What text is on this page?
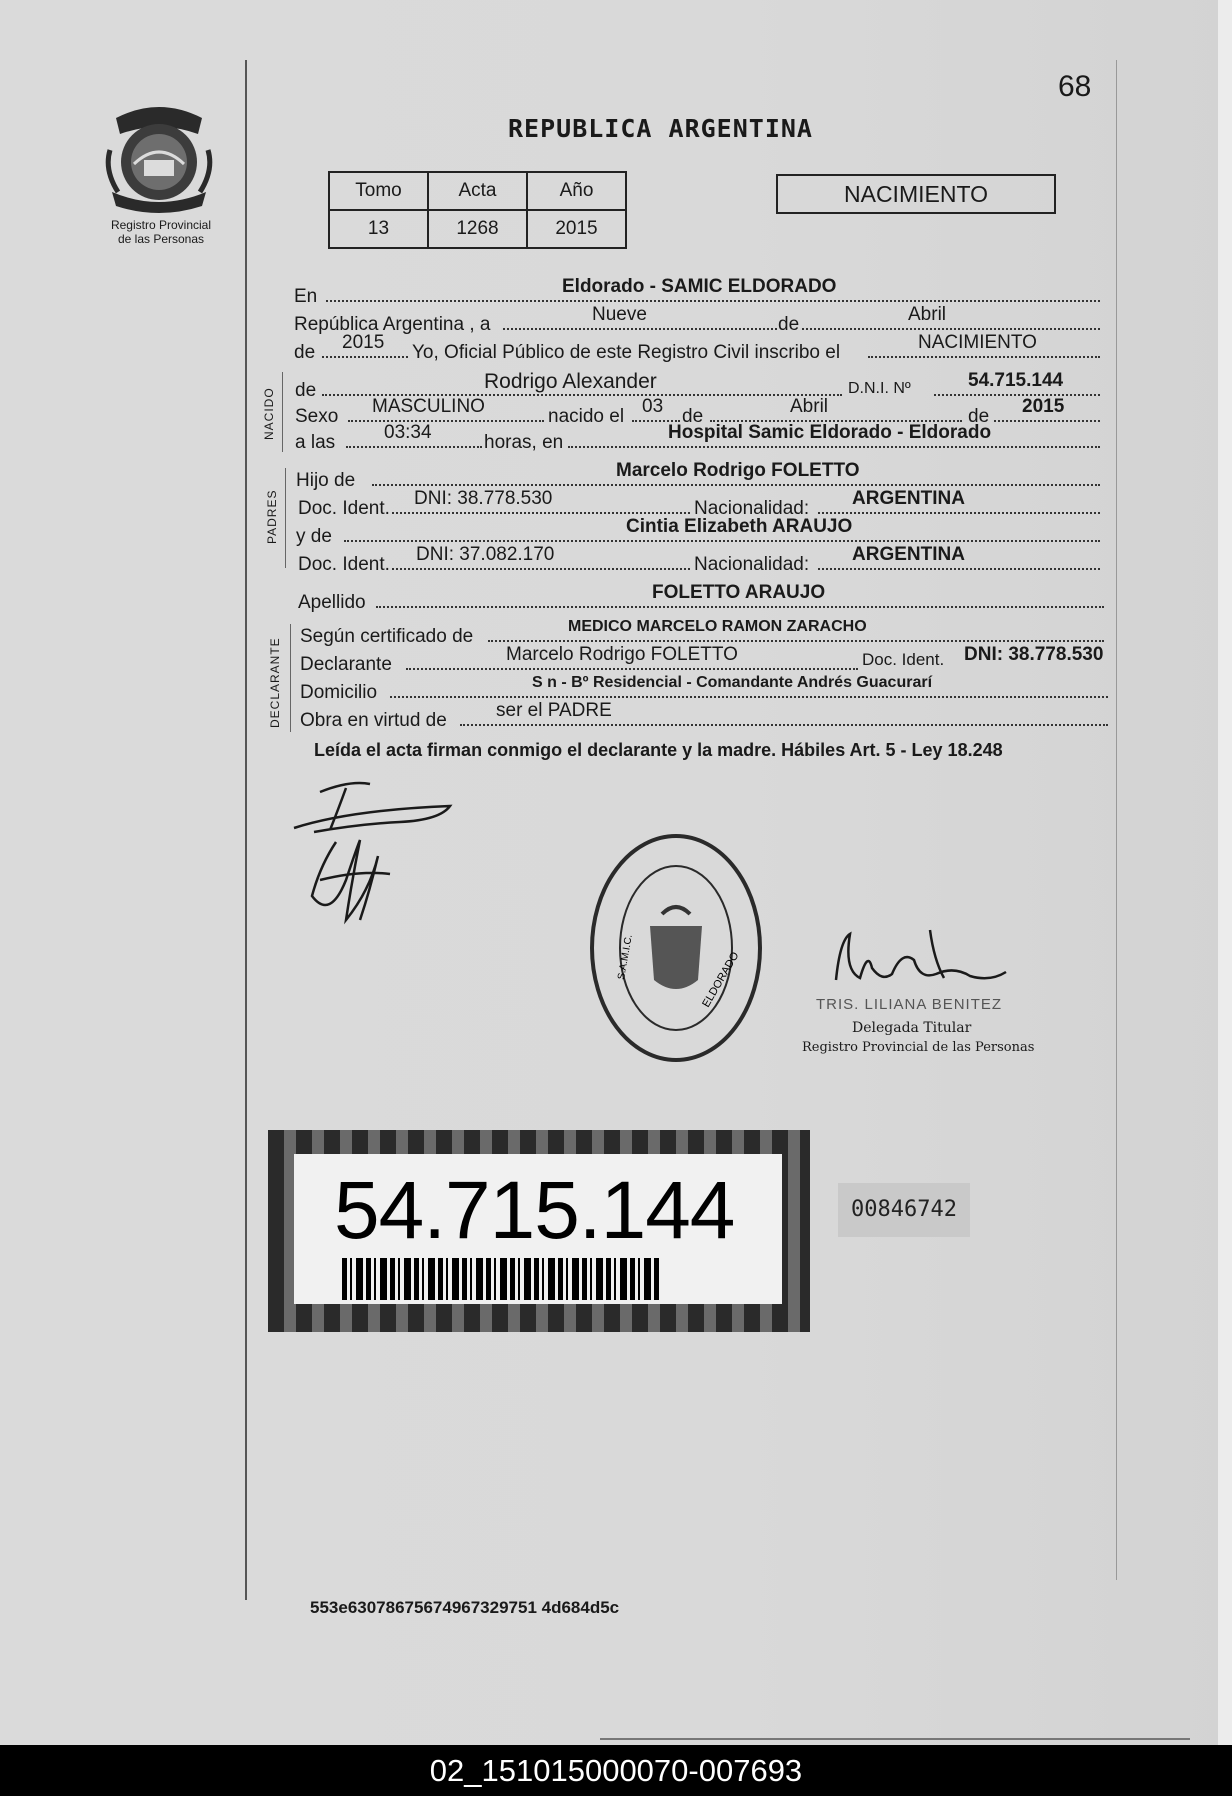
68
Registro Provincial
de las Personas
REPUBLICA ARGENTINA
Tomo	Acta	Año
13	1268	2015
NACIMIENTO
En	Eldorado - SAMIC ELDORADO
República Argentina , a	Nueve	de	Abril
de 2015 Yo, Oficial Público de este Registro Civil inscribo el	NACIMIENTO
NACIDO de	Rodrigo Alexander	D.N.I. Nº	54.715.144
Sexo MASCULINO	nacido el 03 de	Abril	de 2015
a las	03:34	horas, en	Hospital Samic Eldorado - Eldorado
PADRES
Hijo de	Marcelo Rodrigo FOLETTO
Doc. Ident. DNI: 38.778.530	Nacionalidad: ARGENTINA
y de	Cintia Elizabeth ARAUJO
Doc. Ident. DNI: 37.082.170	Nacionalidad: ARGENTINA
Apellido	FOLETTO ARAUJO
DECLARANTE
Según certificado de	MEDICO MARCELO RAMON ZARACHO
Declarante	Marcelo Rodrigo FOLETTO	Doc. Ident. DNI: 38.778.530
Domicilio	S n - Bº Residencial - Comandante Andrés Guacurarí
Obra en virtud de	ser el PADRE
Leída el acta firman conmigo el declarante y la madre. Hábiles Art. 5 - Ley 18.248
S.A.M.I.C.	ELDORADO	TRIS. LILIANA BENITEZ
Delegada Titular
Registro Provincial de las Personas
54.715.144	00846742
553e63078675674967329751 4d684d5c
02_151015000070-007693
